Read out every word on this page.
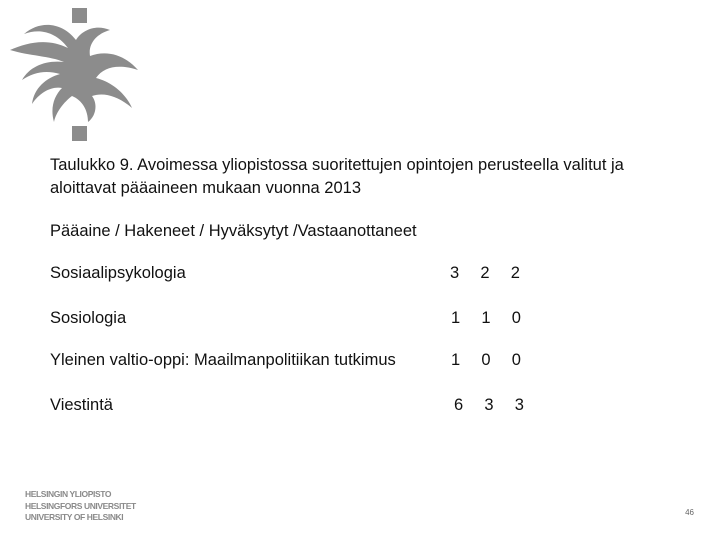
Taulukko 9. Avoimessa yliopistossa suoritettujen opintojen perusteella valitut ja
aloittavat pääaineen mukaan vuonna 2013
Pääaine / Hakeneet / Hyväksytyt /Vastaanottaneet
Sosiaalipsykologia	3  2  2
Sosiologia	1  1  0
Yleinen valtio-oppi: Maailmanpolitiikan tutkimus	1  0  0
Viestintä	6  3  3
HELSINGIN YLIOPISTO
HELSINGFORS UNIVERSITET
UNIVERSITY OF HELSINKI	46
